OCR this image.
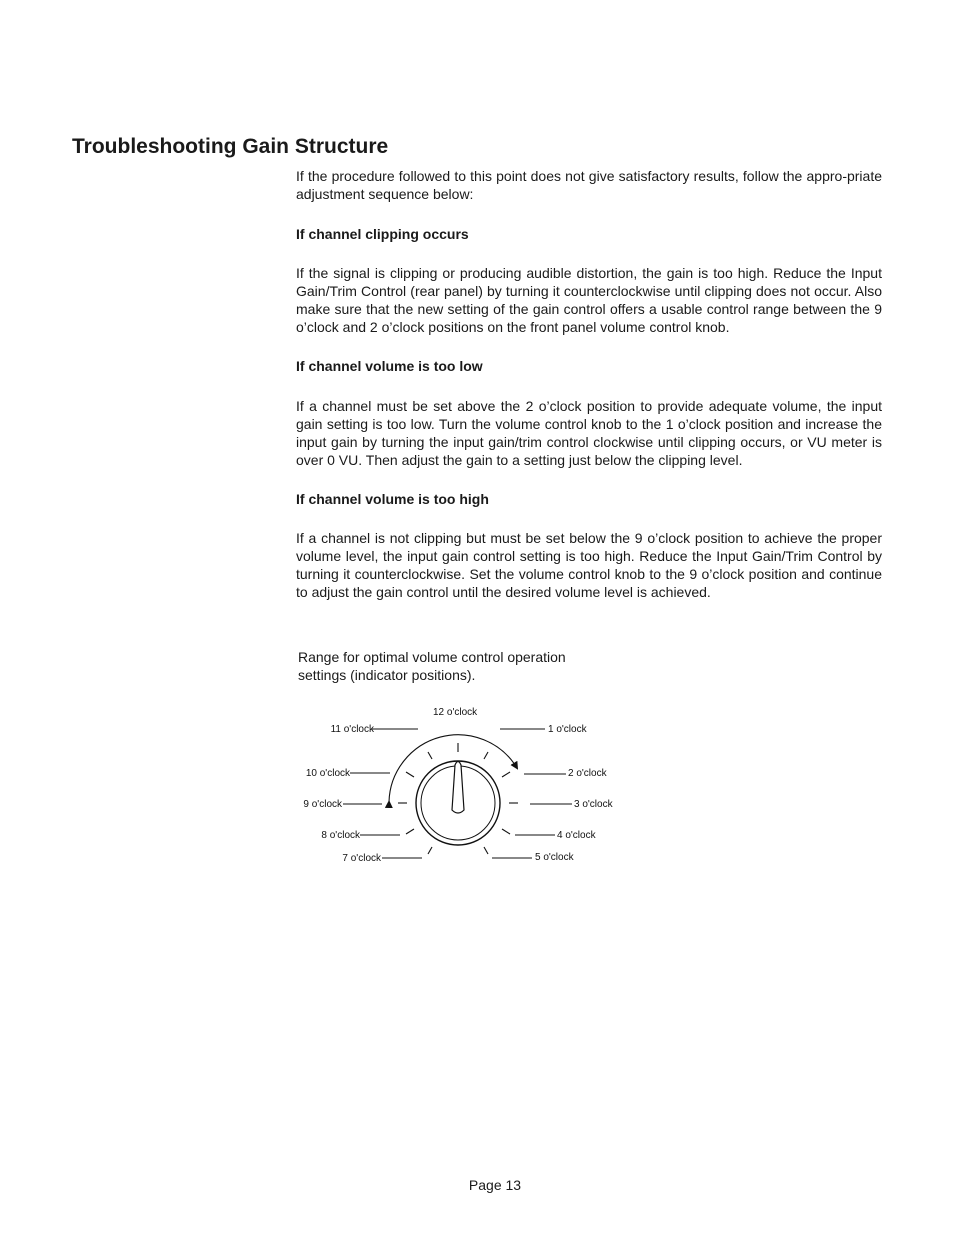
Troubleshooting Gain Structure

If the procedure followed to this point does not give satisfactory results, follow the appro-priate adjustment sequence below:

If channel clipping occurs

If the signal is clipping or producing audible distortion, the gain is too high. Reduce the Input Gain/Trim Control (rear panel) by turning it counterclockwise until clipping does not occur. Also make sure that the new setting of the gain control offers a usable control range between the 9 o’clock and 2 o’clock positions on the front panel volume control knob.

If channel volume is too low

If a channel must be set above the 2 o’clock position to provide adequate volume, the input gain setting is too low. Turn the volume control knob to the 1 o’clock position and increase the input gain by turning the input gain/trim control clockwise until clipping occurs, or VU meter is over 0 VU. Then adjust the gain to a setting just below the clipping level.

If channel volume is too high

If a channel is not clipping but must be set below the 9 o’clock position to achieve the proper volume level, the input gain control setting is too high. Reduce the Input Gain/Trim Control by turning it counterclockwise. Set the volume control knob to the 9 o’clock position and continue to adjust the gain control until the desired volume level is achieved.

Range for optimal volume control operation settings (indicator positions).

12 o'clock
1 o'clock
2 o'clock
3 o'clock
4 o'clock
5 o'clock
7 o'clock
8 o'clock
9 o'clock
10 o'clock
11 o'clock

Page 13
